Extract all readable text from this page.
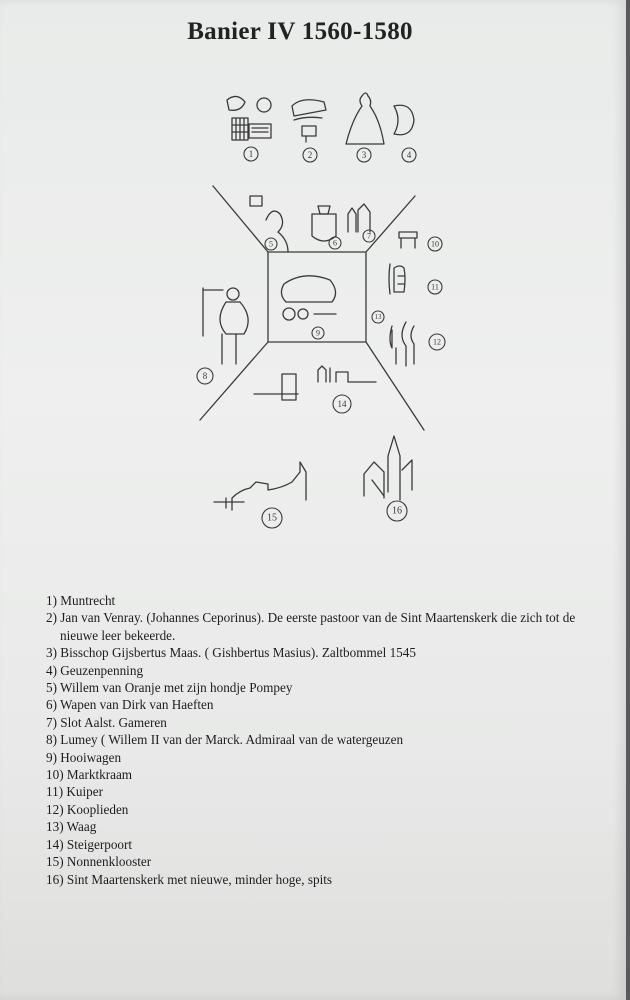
Banier IV 1560-1580
1	2	3	4
5	6
7
8
9
10
11
12
13
14
15
16
1) Muntrecht
2) Jan van Venray. (Johannes Ceporinus). De eerste pastoor van de Sint Maartenskerk die zich tot de nieuwe leer bekeerde.
3) Bisschop Gijsbertus Maas. ( Gishbertus Masius). Zaltbommel 1545
4) Geuzenpenning
5) Willem van Oranje met zijn hondje Pompey
6) Wapen van Dirk van Haeften
7) Slot Aalst. Gameren
8) Lumey ( Willem II van der Marck. Admiraal van de watergeuzen
9) Hooiwagen
10) Marktkraam
11) Kuiper
12) Kooplieden
13) Waag
14) Steigerpoort
15) Nonnenklooster
16) Sint Maartenskerk met nieuwe, minder hoge, spits
